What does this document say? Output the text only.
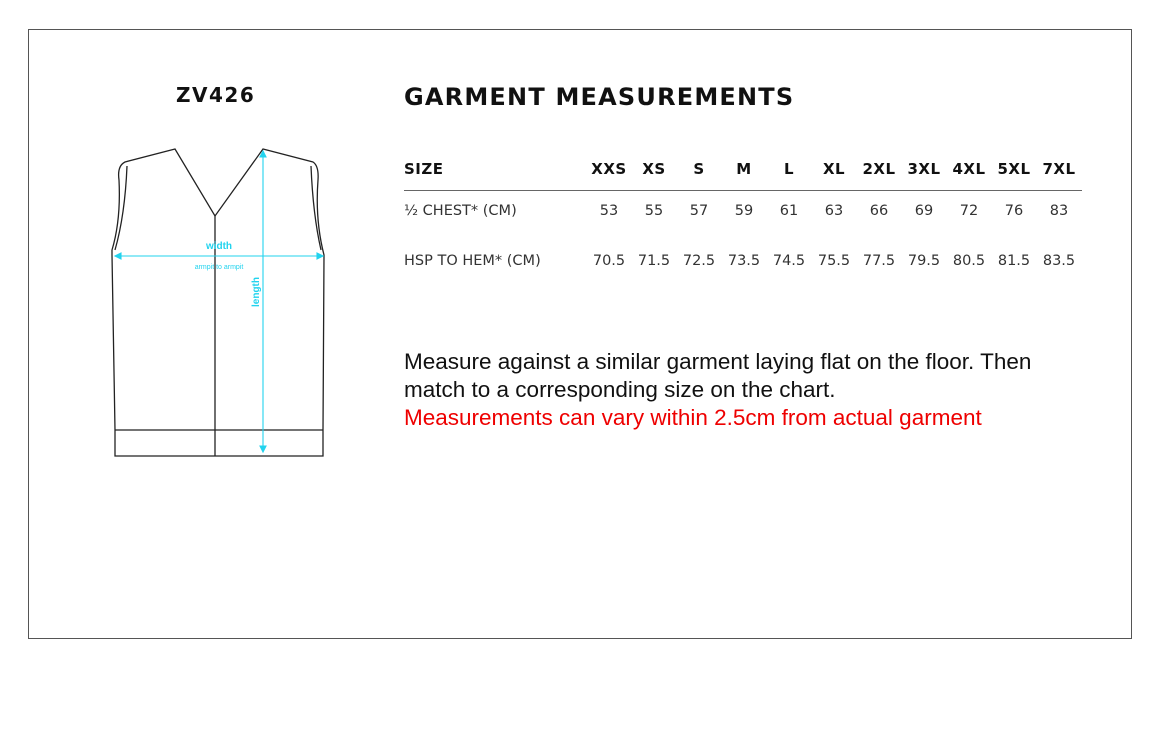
ZV426
width
armpit to armpit
length
GARMENT MEASUREMENTS
SIZE	XXS	XS	S	M	L	XL	2XL 3XL 4XL 5XL 7XL
½ CHEST* (CM)	53	55	57	59	61	63	66	69	72	76	83
HSP TO HEM* (CM)	70.5 71.5 72.5 73.5 74.5 75.5 77.5 79.5 80.5 81.5 83.5
Measure against a similar garment laying flat on the floor. Then
match to a corresponding size on the chart.
Measurements can vary within 2.5cm from actual garment
